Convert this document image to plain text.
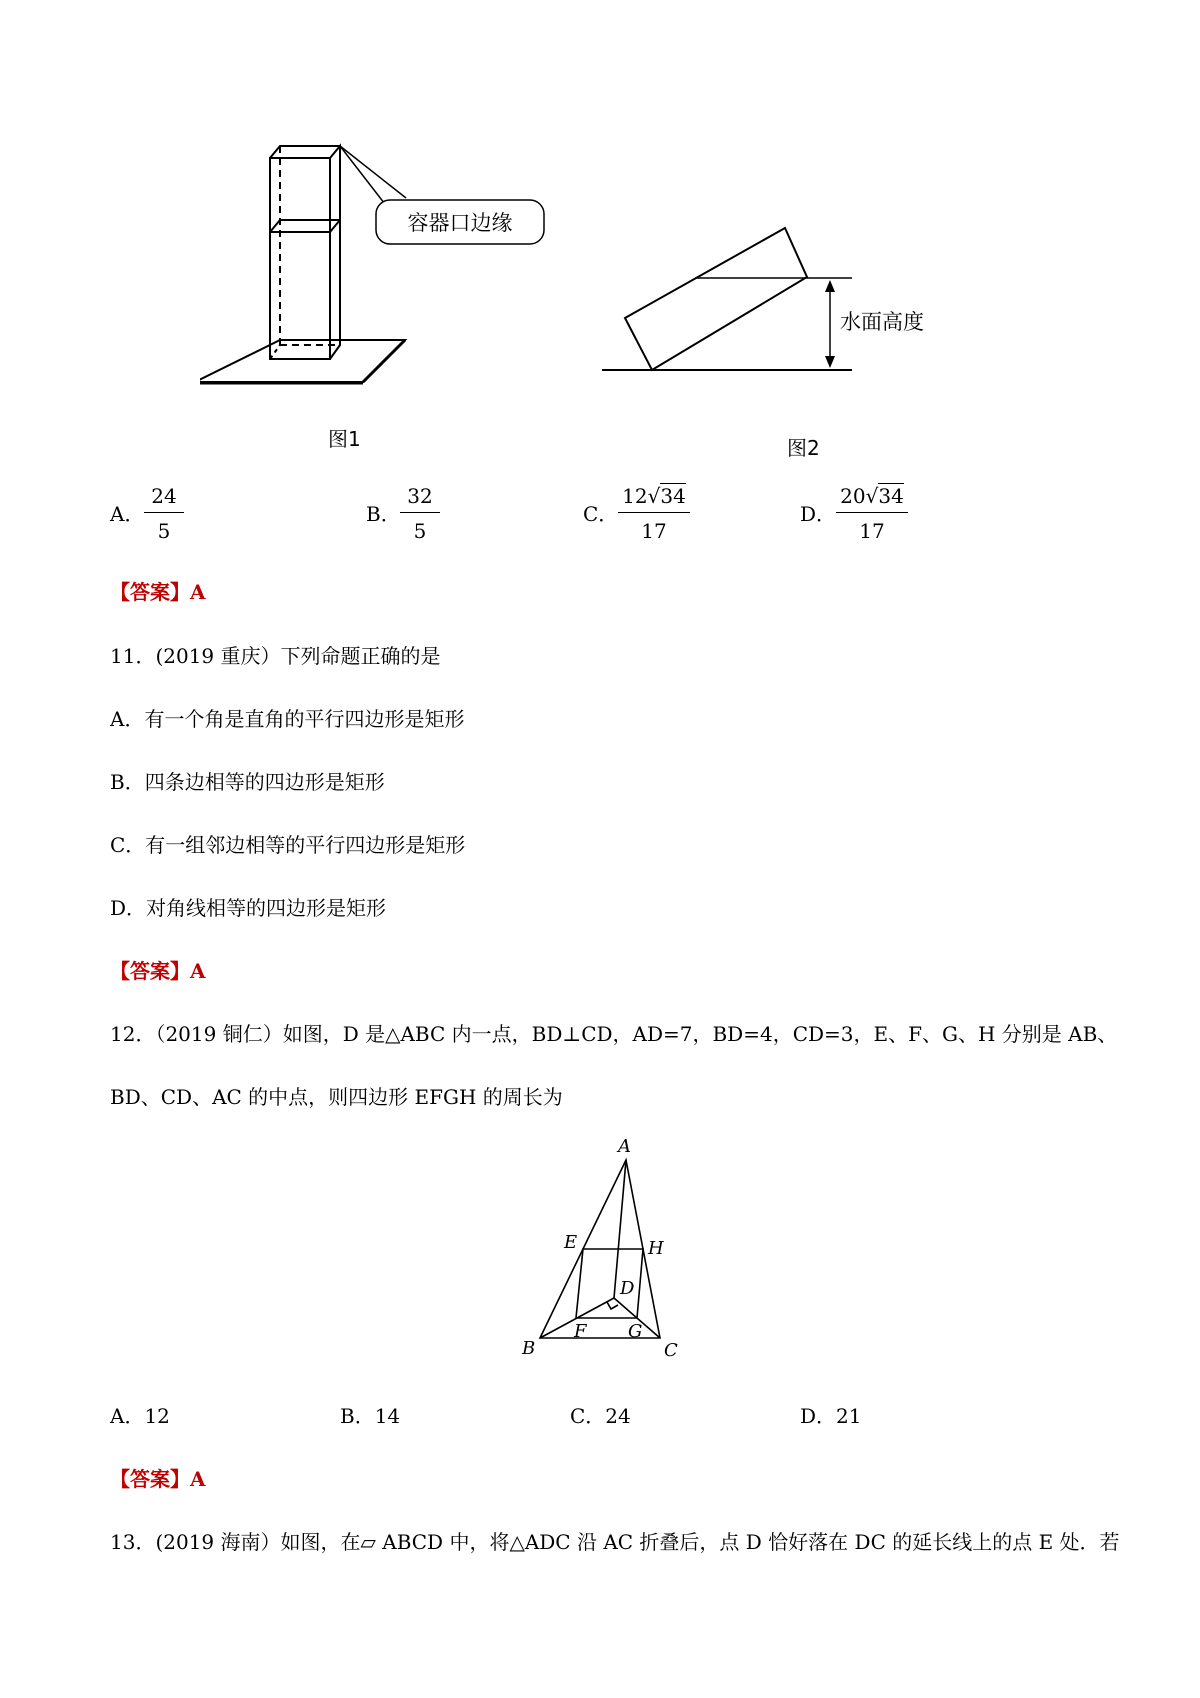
容器口边缘
图1
水面高度
图2
A． $\frac{24}{5}$	B． $\frac{32}{5}$	C． $\frac{12√34}{17}$	D． $\frac{20√34}{17}$
【答案】A
11．(2019 重庆）下列命题正确的是
A．有一个角是直角的平行四边形是矩形
B．四条边相等的四边形是矩形
C．有一组邻边相等的平行四边形是矩形
D．对角线相等的四边形是矩形
【答案】A
12．（2019 铜仁）如图，D 是△ABC 内一点，BD⊥CD，AD=7，BD=4，CD=3，E、F、G、H 分别是 AB、
BD、CD、AC 的中点，则四边形 EFGH 的周长为
A
B	C
D
E
F G
H
A．12	B．14	C．24	D．21
【答案】A
13．(2019 海南）如图，在▱ ABCD 中，将△ADC 沿 AC 折叠后，点 D 恰好落在 DC 的延长线上的点 E 处．若
